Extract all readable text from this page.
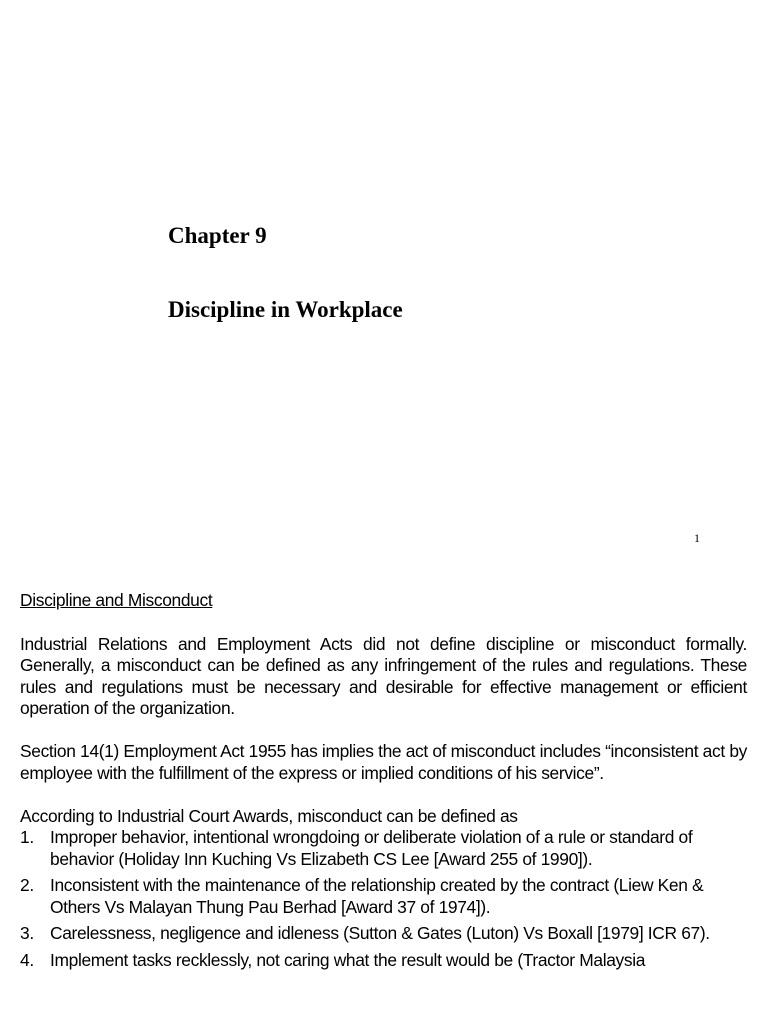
Chapter 9
Discipline in Workplace
1
Discipline and Misconduct

Industrial Relations and Employment Acts did not define discipline or misconduct formally. Generally, a misconduct can be defined as any infringement of the rules and regulations. These rules and regulations must be necessary and desirable for effective management or efficient operation of the organization.

Section 14(1) Employment Act 1955 has implies the act of misconduct includes “inconsistent act by employee with the fulfillment of the express or implied conditions of his service”.

According to Industrial Court Awards, misconduct can be defined as

1. Improper behavior, intentional wrongdoing or deliberate violation of a rule or standard of behavior (Holiday Inn Kuching Vs Elizabeth CS Lee [Award 255 of 1990]).
2. Inconsistent with the maintenance of the relationship created by the contract (Liew Ken & Others Vs Malayan Thung Pau Berhad [Award 37 of 1974]).
3. Carelessness, negligence and idleness (Sutton & Gates (Luton) Vs Boxall [1979] ICR 67).
4. Implement tasks recklessly, not caring what the result would be (Tractor Malaysia
